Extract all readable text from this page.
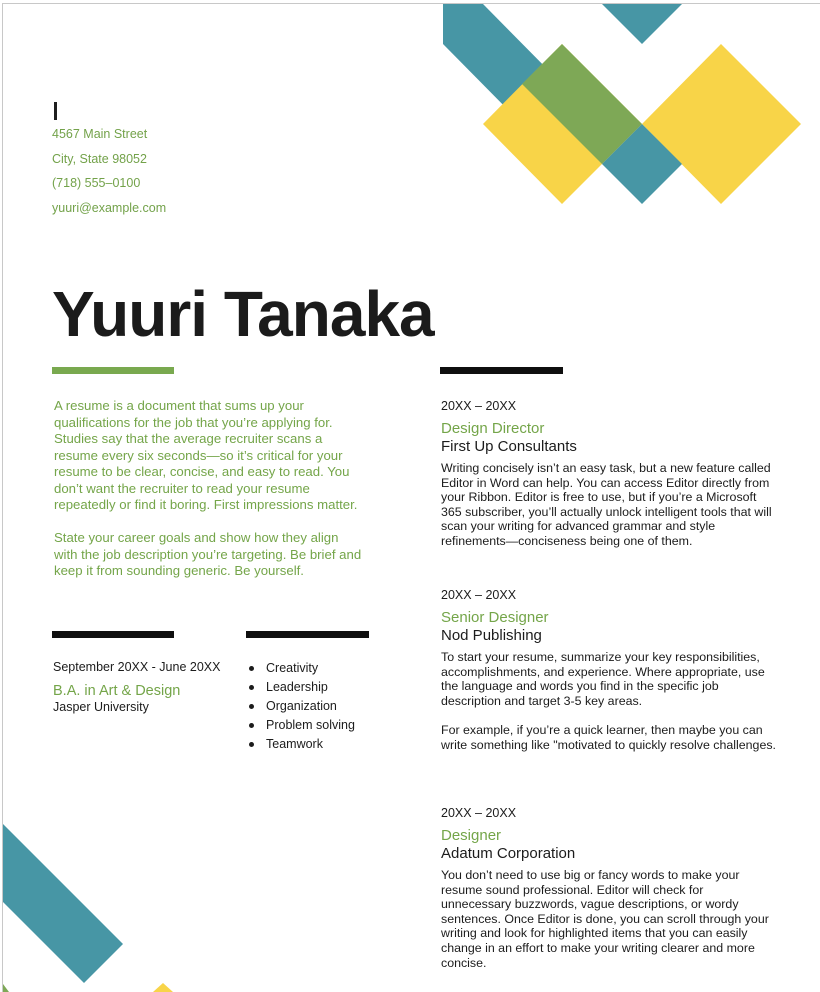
4567 Main Street
City, State 98052
(718) 555–0100
yuuri@example.com
Yuuri Tanaka

A resume is a document that sums up your qualifications for the job that you’re applying for. Studies say that the average recruiter scans a resume every six seconds—so it’s critical for your resume to be clear, concise, and easy to read. You don’t want the recruiter to read your resume repeatedly or find it boring. First impressions matter.

State your career goals and show how they align with the job description you’re targeting. Be brief and keep it from sounding generic. Be yourself.

September 20XX - June 20XX
B.A. in Art & Design
Jasper University
Creativity
Leadership
Organization
Problem solving
Teamwork
20XX – 20XX
Design Director
First Up Consultants

Writing concisely isn’t an easy task, but a new feature called Editor in Word can help. You can access Editor directly from your Ribbon. Editor is free to use, but if you’re a Microsoft 365 subscriber, you’ll actually unlock intelligent tools that will scan your writing for advanced grammar and style refinements—conciseness being one of them.

20XX – 20XX
Senior Designer
Nod Publishing

To start your resume, summarize your key responsibilities, accomplishments, and experience. Where appropriate, use the language and words you find in the specific job description and target 3-5 key areas.

For example, if you’re a quick learner, then maybe you can write something like "motivated to quickly resolve challenges.

20XX – 20XX
Designer
Adatum Corporation

You don’t need to use big or fancy words to make your resume sound professional. Editor will check for unnecessary buzzwords, vague descriptions, or wordy sentences. Once Editor is done, you can scroll through your writing and look for highlighted items that you can easily change in an effort to make your writing clearer and more concise.
